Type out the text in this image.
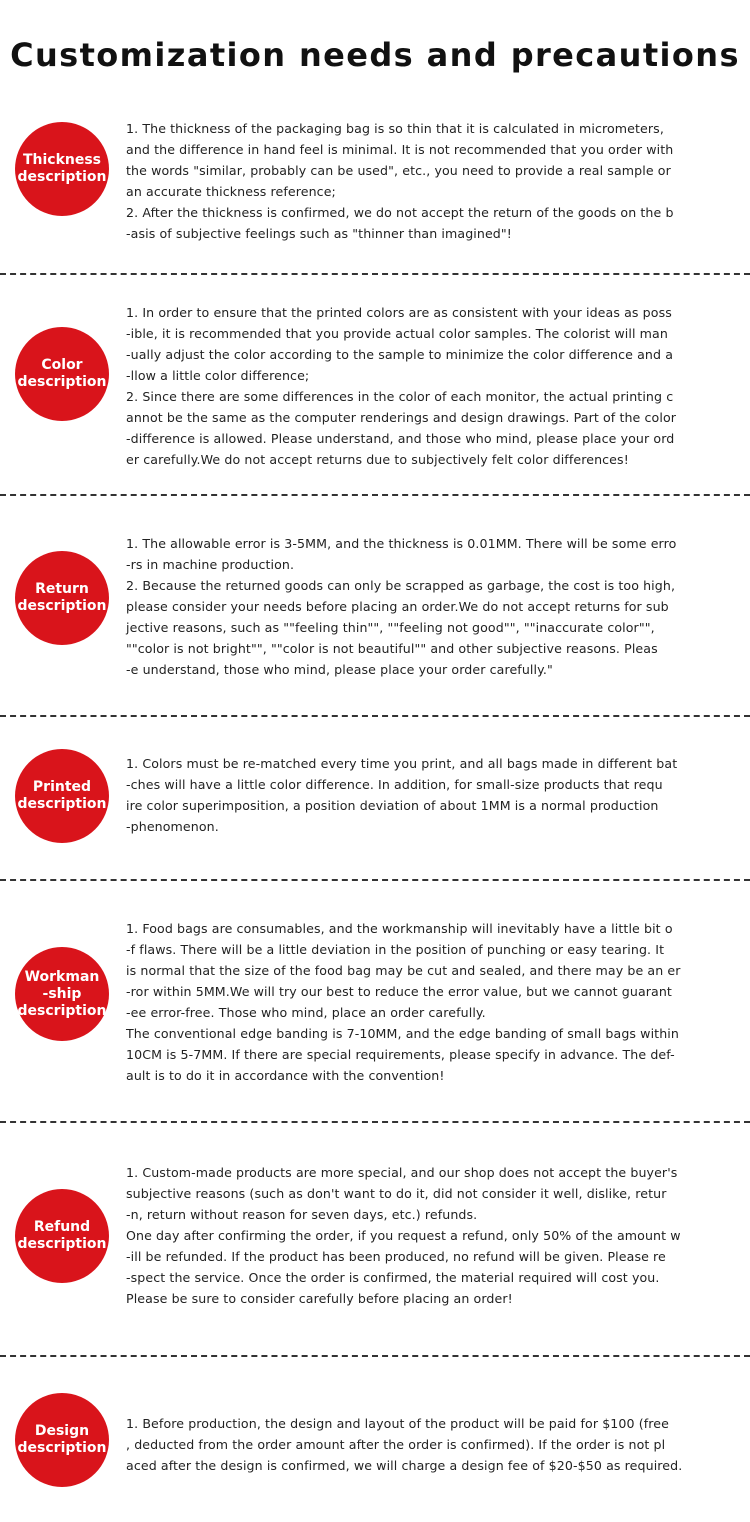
Customization needs and precautions
Thickness
description
1. The thickness of the packaging bag is so thin that it is calculated in micrometers,
and the difference in hand feel is minimal. It is not recommended that you order with
the words "similar, probably can be used", etc., you need to provide a real sample or
an accurate thickness reference;
2. After the thickness is confirmed, we do not accept the return of the goods on the b
-asis of subjective feelings such as "thinner than imagined"!
Color
description
1. In order to ensure that the printed colors are as consistent with your ideas as poss
-ible, it is recommended that you provide actual color samples. The colorist will man
-ually adjust the color according to the sample to minimize the color difference and a
-llow a little color difference;
2. Since there are some differences in the color of each monitor, the actual printing c
annot be the same as the computer renderings and design drawings. Part of the color
-difference is allowed. Please understand, and those who mind, please place your ord
er carefully.We do not accept returns due to subjectively felt color differences!
Return
description
1. The allowable error is 3-5MM, and the thickness is 0.01MM. There will be some erro
-rs in machine production.
2. Because the returned goods can only be scrapped as garbage, the cost is too high,
please consider your needs before placing an order.We do not accept returns for sub
jective reasons, such as ""feeling thin"", ""feeling not good"", ""inaccurate color"",
""color is not bright"", ""color is not beautiful"" and other subjective reasons. Pleas
-e understand, those who mind, please place your order carefully."
Printed
description
1. Colors must be re-matched every time you print, and all bags made in different bat
-ches will have a little color difference. In addition, for small-size products that requ
ire color superimposition, a position deviation of about 1MM is a normal production
-phenomenon.
Workman
-ship
description
1. Food bags are consumables, and the workmanship will inevitably have a little bit o
-f flaws. There will be a little deviation in the position of punching or easy tearing. It
is normal that the size of the food bag may be cut and sealed, and there may be an er
-ror within 5MM.We will try our best to reduce the error value, but we cannot guarant
-ee error-free. Those who mind, place an order carefully.
The conventional edge banding is 7-10MM, and the edge banding of small bags within
10CM is 5-7MM. If there are special requirements, please specify in advance. The def-
ault is to do it in accordance with the convention!
Refund
description
1. Custom-made products are more special, and our shop does not accept the buyer's
subjective reasons (such as don't want to do it, did not consider it well, dislike, retur
-n, return without reason for seven days, etc.) refunds.
One day after confirming the order, if you request a refund, only 50% of the amount w
-ill be refunded. If the product has been produced, no refund will be given. Please re
-spect the service. Once the order is confirmed, the material required will cost you.
Please be sure to consider carefully before placing an order!
Design
description
1. Before production, the design and layout of the product will be paid for $100 (free
, deducted from the order amount after the order is confirmed). If the order is not pl
aced after the design is confirmed, we will charge a design fee of $20-$50 as required.
